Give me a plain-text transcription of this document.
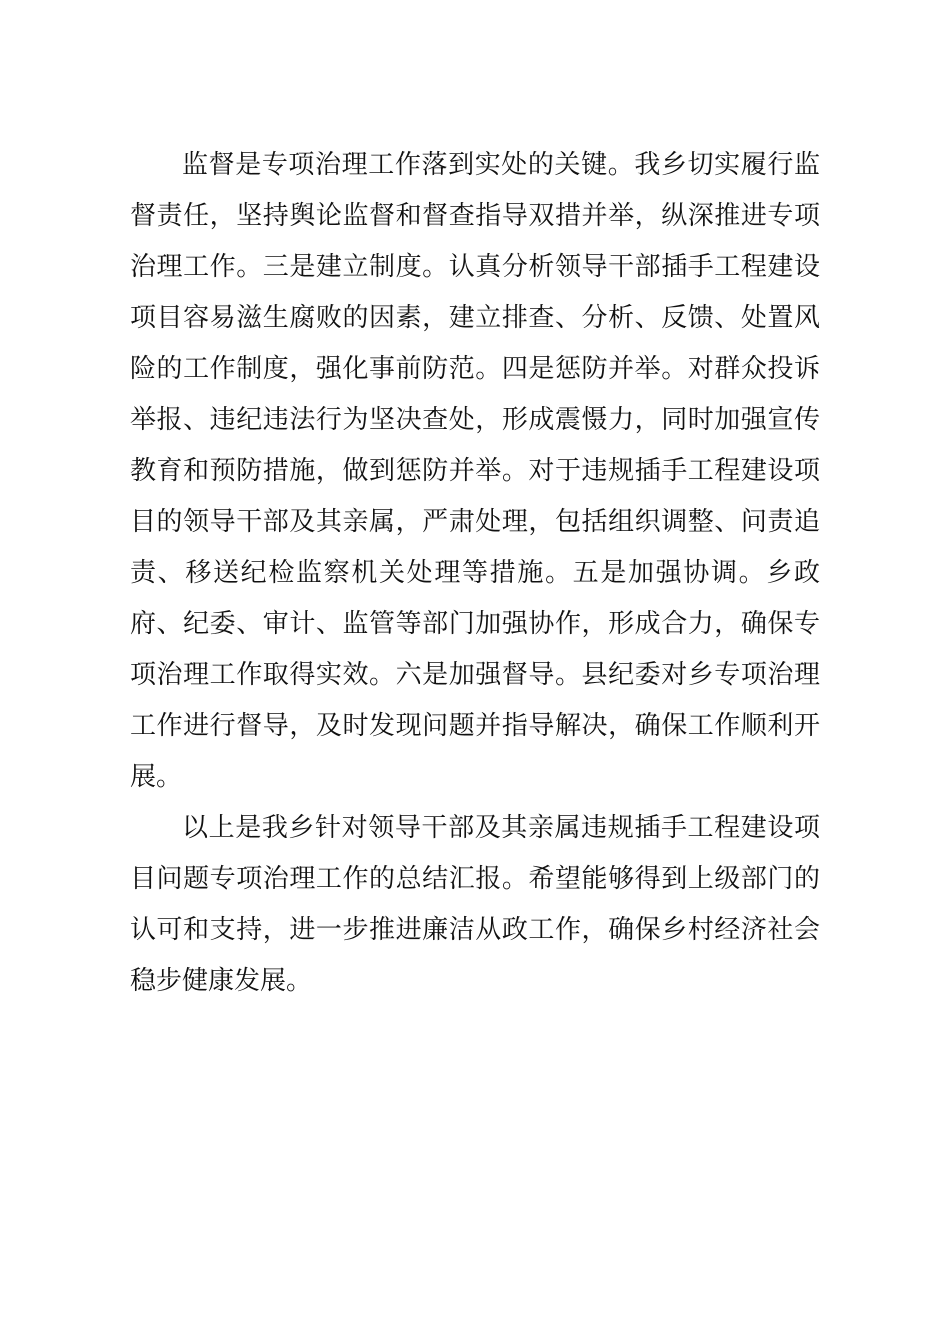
监督是专项治理工作落到实处的关键。我乡切实履行监督责任，坚持舆论监督和督查指导双措并举，纵深推进专项治理工作。三是建立制度。认真分析领导干部插手工程建设项目容易滋生腐败的因素，建立排查、分析、反馈、处置风险的工作制度，强化事前防范。四是惩防并举。对群众投诉举报、违纪违法行为坚决查处，形成震慑力，同时加强宣传教育和预防措施，做到惩防并举。对于违规插手工程建设项目的领导干部及其亲属，严肃处理，包括组织调整、问责追责、移送纪检监察机关处理等措施。五是加强协调。乡政府、纪委、审计、监管等部门加强协作，形成合力，确保专项治理工作取得实效。六是加强督导。县纪委对乡专项治理工作进行督导，及时发现问题并指导解决，确保工作顺利开展。

以上是我乡针对领导干部及其亲属违规插手工程建设项目问题专项治理工作的总结汇报。希望能够得到上级部门的认可和支持，进一步推进廉洁从政工作，确保乡村经济社会稳步健康发展。
